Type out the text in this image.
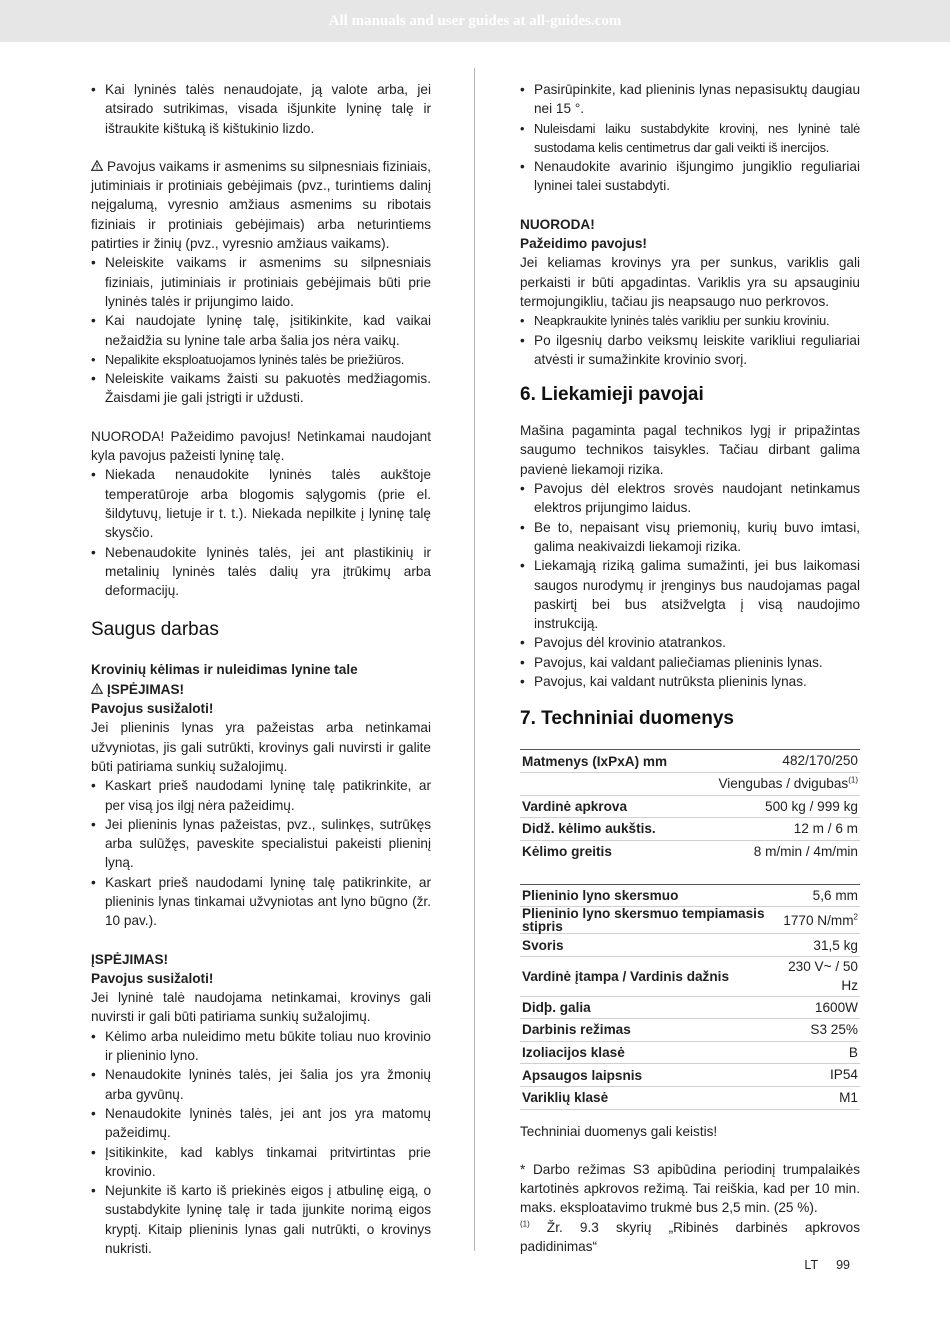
All manuals and user guides at all-guides.com
• Kai lyninės talės nenaudojate, ją valote arba, jei atsirado sutrikimas, visada išjunkite lyninę talę ir ištraukite kištuką iš kištukinio lizdo.

Pavojus vaikams ir asmenims su silpnesniais fiziniais, jutiminiais ir protiniais gebėjimais (pvz., turintiems dalinį neįgalumą, vyresnio amžiaus asmenims su ribotais fiziniais ir protiniais gebėjimais) arba neturintiems patirties ir žinių (pvz., vyresnio amžiaus vaikams).

• Neleiskite vaikams ir asmenims su silpnesniais fiziniais, jutiminiais ir protiniais gebėjimais būti prie lyninės talės ir prijungimo laido.
• Kai naudojate lyninę talę, įsitikinkite, kad vaikai nežaidžia su lynine tale arba šalia jos nėra vaikų.
• Nepalikite eksploatuojamos lyninės talės be priežiūros.
• Neleiskite vaikams žaisti su pakuotės medžiagomis. Žaisdami jie gali įstrigti ir uždusti.

NUORODA! Pažeidimo pavojus! Netinkamai naudojant kyla pavojus pažeisti lyninę talę.

• Niekada nenaudokite lyninės talės aukštoje temperatūroje arba blogomis sąlygomis (prie el. šildytuvų, lietuje ir t. t.). Niekada nepilkite į lyninę talę skysčio.
• Nebenaudokite lyninės talės, jei ant plastikinių ir metalinių lyninės talės dalių yra įtrūkimų arba deformacijų.
Saugus darbas

Krovinių kėlimas ir nuleidimas lynine tale

ĮSPĖJIMAS!

Pavojus susižaloti!

Jei plieninis lynas yra pažeistas arba netinkamai užvyniotas, jis gali sutrūkti, krovinys gali nuvirsti ir galite būti patiriama sunkių sužalojimų.

• Kaskart prieš naudodami lyninę talę patikrinkite, ar per visą jos ilgį nėra pažeidimų.
• Jei plieninis lynas pažeistas, pvz., sulinkęs, sutrūkęs arba sulūžęs, paveskite specialistui pakeisti plieninį lyną.
• Kaskart prieš naudodami lyninę talę patikrinkite, ar plieninis lynas tinkamai užvyniotas ant lyno būgno (žr. 10 pav.).

ĮSPĖJIMAS!

Pavojus susižaloti!

Jei lyninė talė naudojama netinkamai, krovinys gali nuvirsti ir gali būti patiriama sunkių sužalojimų.

• Kėlimo arba nuleidimo metu būkite toliau nuo krovinio ir plieninio lyno.
• Nenaudokite lyninės talės, jei šalia jos yra žmonių arba gyvūnų.
• Nenaudokite lyninės talės, jei ant jos yra matomų pažeidimų.
• Įsitikinkite, kad kablys tinkamai pritvirtintas prie krovinio.
• Nejunkite iš karto iš priekinės eigos į atbulinę eigą, o sustabdykite lyninę talę ir tada įjunkite norimą eigos kryptį. Kitaip plieninis lynas gali nutrūkti, o krovinys nukristi.
• Pasirūpinkite, kad plieninis lynas nepasisuktų daugiau nei 15 °.
• Nuleisdami laiku sustabdykite krovinį, nes lyninė talė sustodama kelis centimetrus dar gali veikti iš inercijos.
• Nenaudokite avarinio išjungimo jungiklio reguliariai lyninei talei sustabdyti.

NUORODA!

Pažeidimo pavojus!

Jei keliamas krovinys yra per sunkus, variklis gali perkaisti ir būti apgadintas. Variklis yra su apsauginiu termojungikliu, tačiau jis neapsaugo nuo perkrovos.

• Neapkraukite lyninės talės varikliu per sunkiu kroviniu.
• Po ilgesnių darbo veiksmų leiskite varikliui reguliariai atvėsti ir sumažinkite krovinio svorį.
6. Liekamieji pavojai

Mašina pagaminta pagal technikos lygį ir pripažintas saugumo technikos taisykles. Tačiau dirbant galima pavienė liekamoji rizika.

• Pavojus dėl elektros srovės naudojant netinkamus elektros prijungimo laidus.
• Be to, nepaisant visų priemonių, kurių buvo imtasi, galima neakivaizdi liekamoji rizika.
• Liekamąją riziką galima sumažinti, jei bus laikomasi saugos nurodymų ir įrenginys bus naudojamas pagal paskirtį bei bus atsižvelgta į visą naudojimo instrukciją.
• Pavojus dėl krovinio atatrankos.
• Pavojus, kai valdant paliečiamas plieninis lynas.
• Pavojus, kai valdant nutrūksta plieninis lynas.
7. Techniniai duomenys
Matmenys (IxPxA) mm	482/170/250
	Viengubas / dvigubas$^{(1)}$
Vardinė apkrova	500 kg / 999 kg
Didž. kėlimo aukštis.	12 m / 6 m
Kėlimo greitis	8 m/min / 4m/min
Plieninio lyno skersmuo	5,6 mm
Plieninio lyno skersmuo tempiamasis stipris	1770 $N/mm^2$
Svoris	31,5 kg
Vardinė įtampa / Vardinis dažnis	230 V~ / 50 Hz
Didþ. galia	1600W
Darbinis režimas	S3 25%
Izoliacijos klasė	B
Apsaugos laipsnis	IP54
Variklių klasė	M1

Techniniai duomenys gali keistis!

* Darbo režimas S3 apibūdina periodinį trumpalaikės kartotinės apkrovos režimą. Tai reiškia, kad per 10 min. maks. eksploatavimo trukmė bus 2,5 min. (25 %).

$^{(1)}$ Žr. 9.3 skyrių „Ribinės darbinės apkrovos padidinimas“

LT 99
